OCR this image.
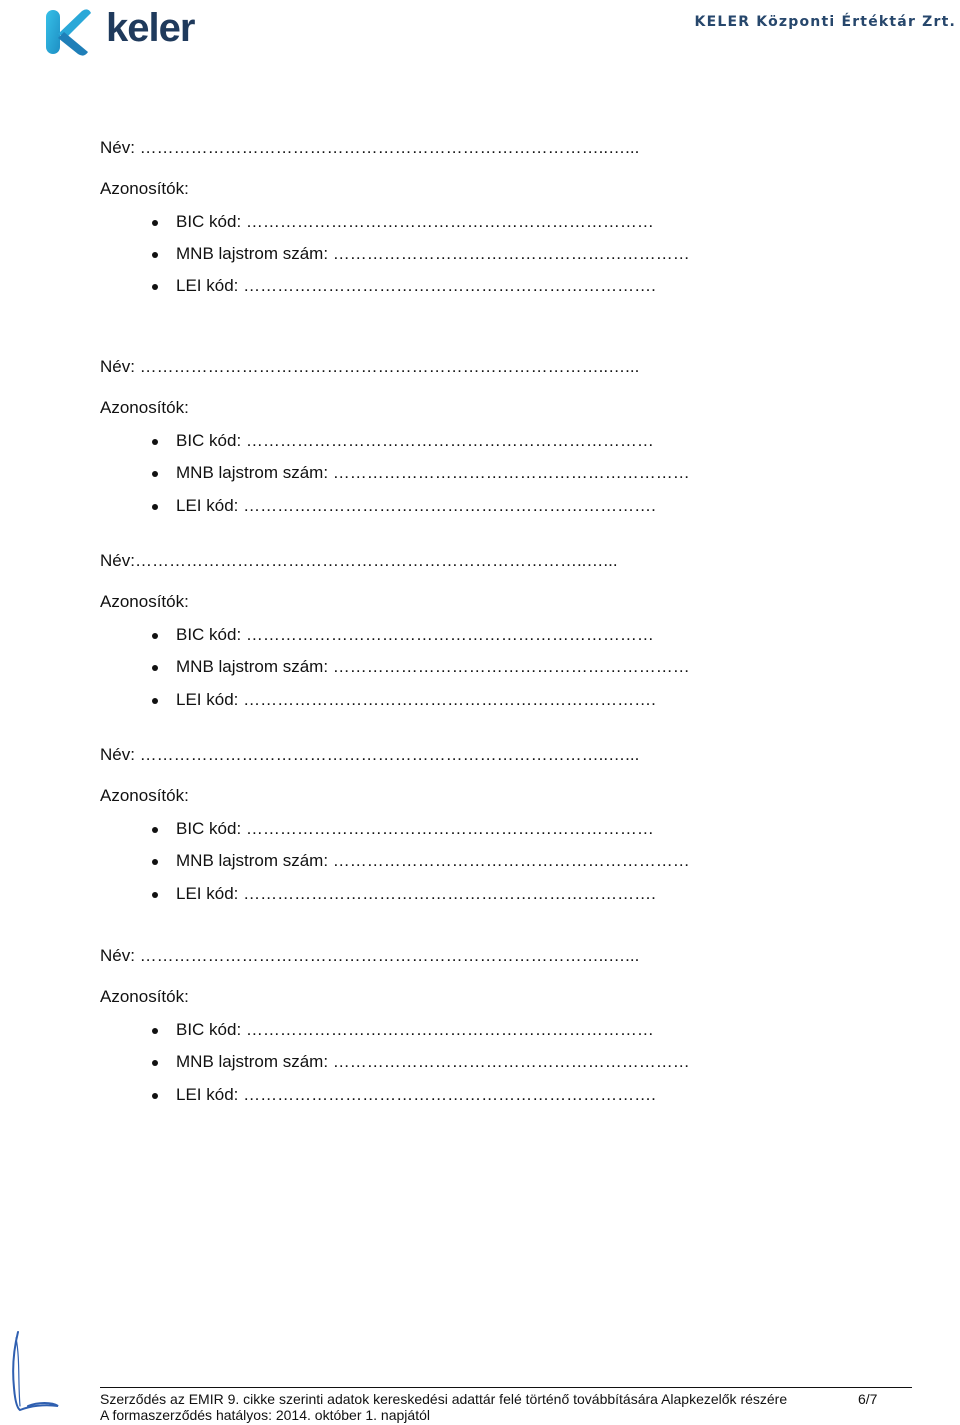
keler	KELER Központi Értéktár Zrt.
Név: ………………………………………………………………………..…...
Azonosítók:
BIC kód: ………………………………………………………………
MNB lajstrom szám: ………………………………………………………
LEI kód: ……………………………………………………………….
Név: ………………………………………………………………………..…...
Azonosítók:
BIC kód: ………………………………………………………………
MNB lajstrom szám: ………………………………………………………
LEI kód: ……………………………………………………………….
Név:……………………………………………………………………..…...
Azonosítók:
BIC kód: ………………………………………………………………
MNB lajstrom szám: ………………………………………………………
LEI kód: ……………………………………………………………….
Név: ………………………………………………………………………..…...
Azonosítók:
BIC kód: ………………………………………………………………
MNB lajstrom szám: ………………………………………………………
LEI kód: ……………………………………………………………….
Név: ………………………………………………………………………..…...
Azonosítók:
BIC kód: ………………………………………………………………
MNB lajstrom szám: ………………………………………………………
LEI kód: ……………………………………………………………….
Szerződés az EMIR 9. cikke szerinti adatok kereskedési adattár felé történő továbbítására Alapkezelők részére	6/7
A formaszerződés hatályos: 2014. október 1. napjától
